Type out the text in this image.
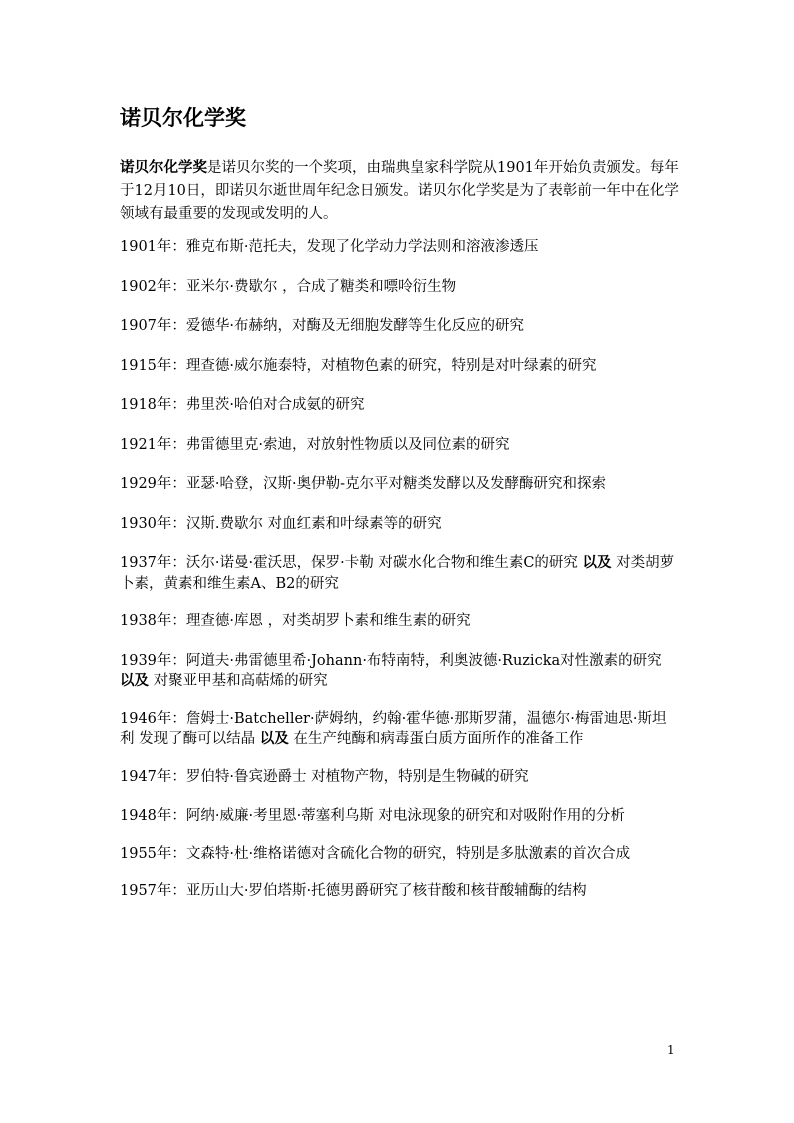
诺贝尔化学奖

诺贝尔化学奖是诺贝尔奖的一个奖项，由瑞典皇家科学院从1901年开始负责颁发。每年于12月10日，即诺贝尔逝世周年纪念日颁发。诺贝尔化学奖是为了表彰前一年中在化学领域有最重要的发现或发明的人。

1901年：雅克布斯·范托夫，发现了化学动力学法则和溶液渗透压

1902年：亚米尔·费歇尔 ，合成了糖类和嘌呤衍生物

1907年：爱德华·布赫纳，对酶及无细胞发酵等生化反应的研究

1915年：理查德·威尔施泰特，对植物色素的研究，特别是对叶绿素的研究

1918年：弗里茨·哈伯对合成氨的研究

1921年：弗雷德里克·索迪，对放射性物质以及同位素的研究

1929年：亚瑟·哈登，汉斯·奥伊勒-克尔平对糖类发酵以及发酵酶研究和探索

1930年：汉斯.费歇尔 对血红素和叶绿素等的研究

1937年：沃尔·诺曼·霍沃思，保罗·卡勒 对碳水化合物和维生素C的研究 以及 对类胡萝卜素，黄素和维生素A、B2的研究

1938年：理查德·库恩 ，对类胡罗卜素和维生素的研究

1939年：阿道夫·弗雷德里希·Johann·布特南特，利奥波德·Ruzicka对性激素的研究 以及 对聚亚甲基和高萜烯的研究

1946年：詹姆士·Batcheller·萨姆纳，约翰·霍华德·那斯罗蒲，温德尔·梅雷迪思·斯坦利 发现了酶可以结晶 以及 在生产纯酶和病毒蛋白质方面所作的准备工作

1947年：罗伯特·鲁宾逊爵士 对植物产物，特别是生物碱的研究

1948年：阿纳·威廉·考里恩·蒂塞利乌斯 对电泳现象的研究和对吸附作用的分析

1955年：文森特·杜·维格诺德对含硫化合物的研究，特别是多肽激素的首次合成

1957年：亚历山大·罗伯塔斯·托德男爵研究了核苷酸和核苷酸辅酶的结构

1
